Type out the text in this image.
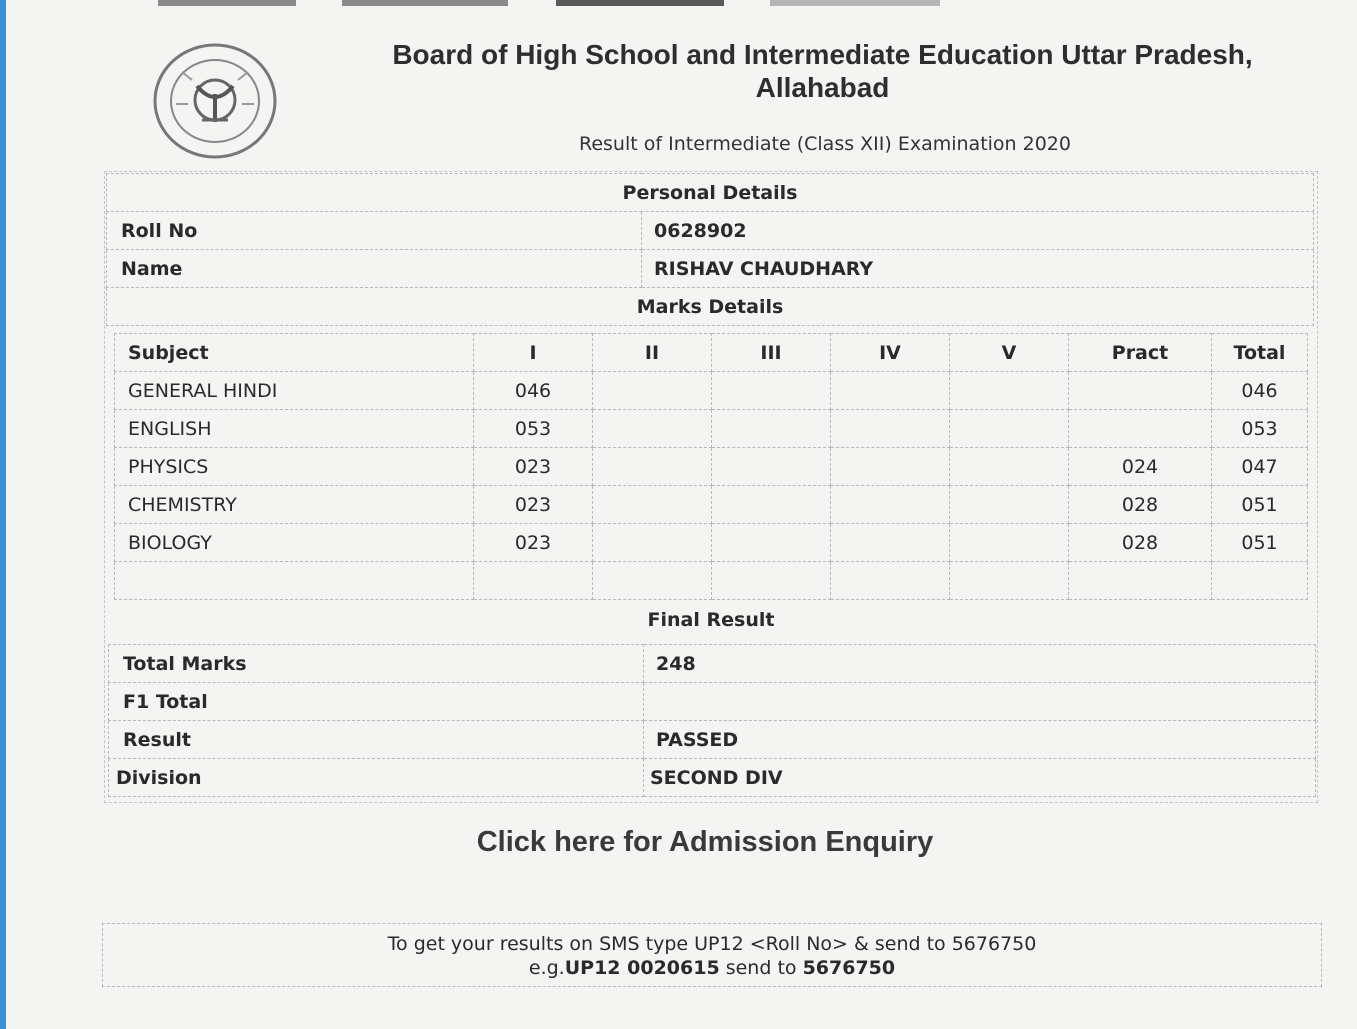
Board of High School and Intermediate Education Uttar Pradesh, Allahabad
Result of Intermediate (Class XII) Examination 2020
Personal Details	
Roll No	0628902
Name	RISHAV CHAUDHARY
Marks Details	
Subject	I	II	III	IV	V	Pract	Total
GENERAL HINDI	046						046
ENGLISH	053						053
PHYSICS	023					024	047
CHEMISTRY	023					028	051
BIOLOGY	023					028	051

Final Result
Total Marks	248
F1 Total	
Result	PASSED
Division	SECOND DIV
Click here for Admission Enquiry
To get your results on SMS type UP12 <Roll No> & send to 5676750
e.g.UP12 0020615 send to 5676750
